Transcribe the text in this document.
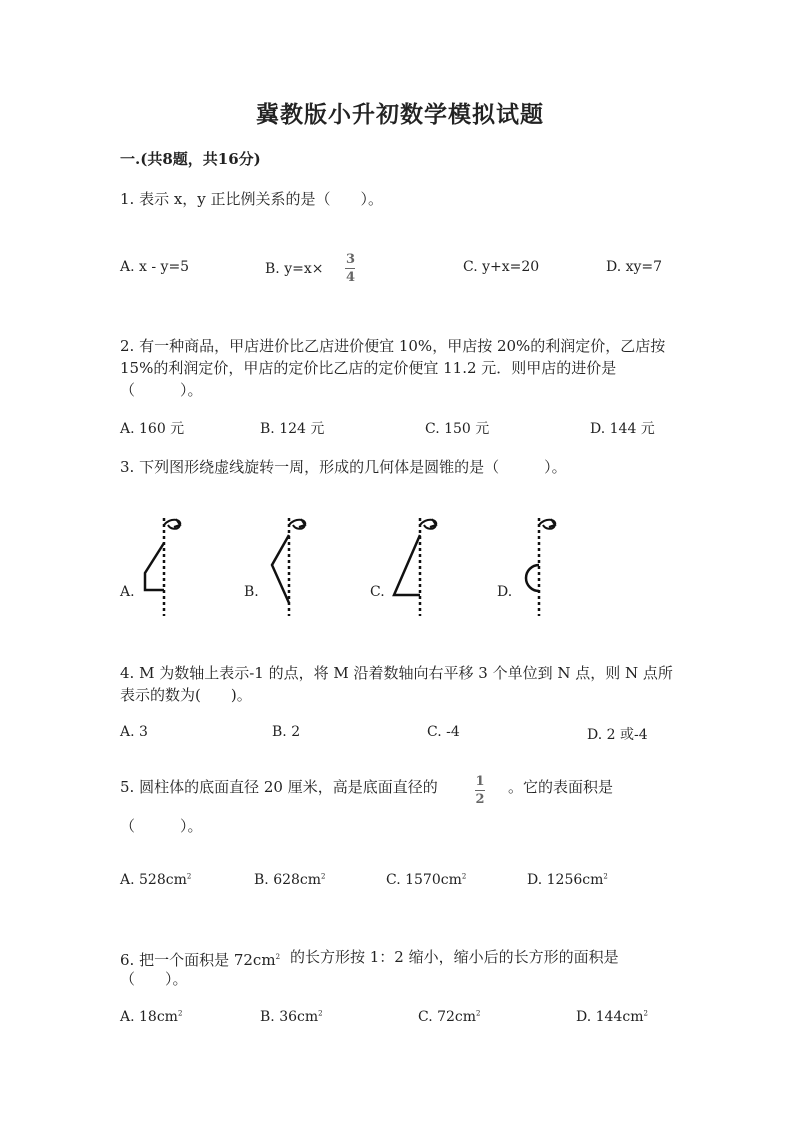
冀教版小升初数学模拟试题
一.(共8题，共16分)
1. 表示 x，y 正比例关系的是（　　）。
A. x - y=5	B. $y=x\times \frac{3}{4}$	C. y+x=20	D. xy=7
2. 有一种商品，甲店进价比乙店进价便宜 10%，甲店按 20%的利润定价，乙店按
15%的利润定价，甲店的定价比乙店的定价便宜 11.2 元．则甲店的进价是
（　　　）。
A. 160 元	B. 124 元	C. 150 元	D. 144 元
3. 下列图形绕虚线旋转一周，形成的几何体是圆锥的是（　　　）。
A.	B.	C.	D.
4. M 为数轴上表示-1 的点，将 M 沿着数轴向右平移 3 个单位到 N 点，则 N 点所
表示的数为(　　)。
A. 3	B. 2	C. -4	D. 2 或-4
5. 圆柱体的底面直径 20 厘米，高是底面直径的	$\frac{1}{2}$ 。它的表面积是
（　　　）。
A. $528cm^2$	B. $628cm^2$	C. $1570cm^2$	D. $1256cm^2$
6. 把一个面积是 $72cm^2$ 的长方形按 1：2 缩小，缩小后的长方形的面积是
（　　）。
A. $18cm^2$	B. $36cm^2$	C. $72cm^2$	D. $144cm^2$
